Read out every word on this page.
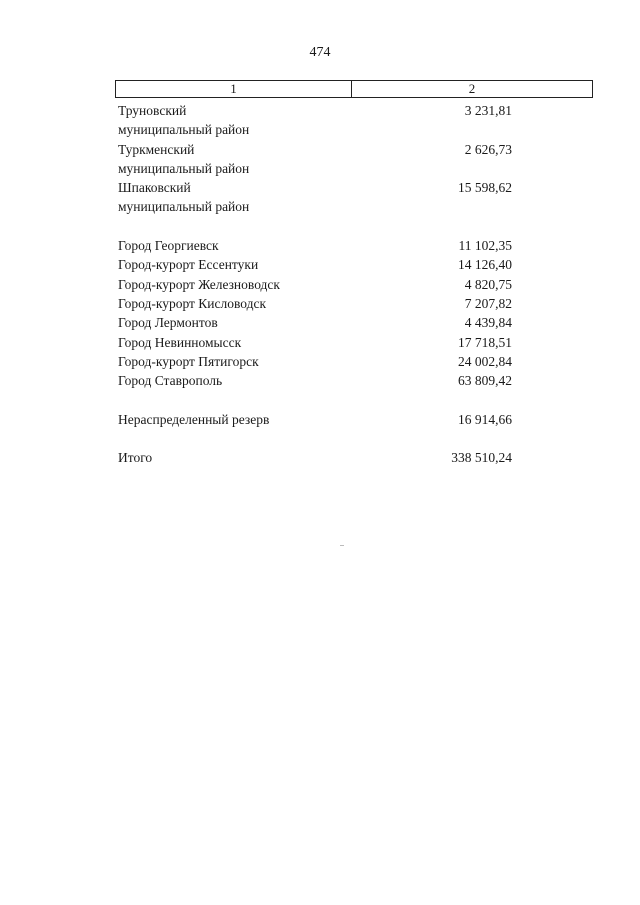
474
1	2
Труновский	3 231,81
муниципальный район
Туркменский	2 626,73
муниципальный район
Шпаковский	15 598,62
муниципальный район
Город Георгиевск	11 102,35
Город-курорт Ессентуки	14 126,40
Город-курорт Железноводск	4 820,75
Город-курорт Кисловодск	7 207,82
Город Лермонтов	4 439,84
Город Невинномысск	17 718,51
Город-курорт Пятигорск	24 002,84
Город Ставрополь	63 809,42
Нераспределенный резерв	16 914,66
Итого	338 510,24
